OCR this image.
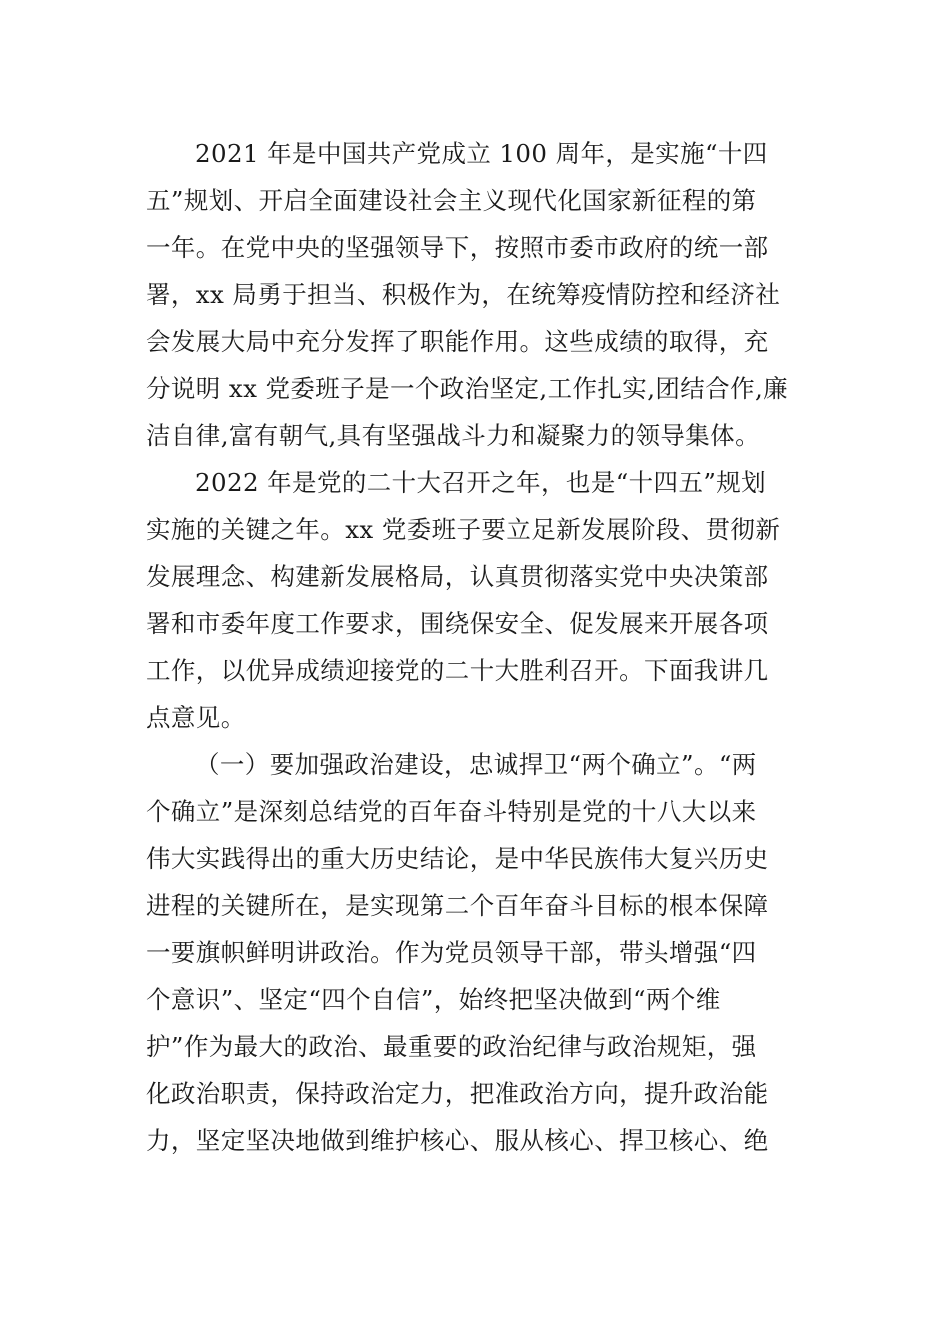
2021 年是中国共产党成立 100 周年，是实施“十四
五”规划、开启全面建设社会主义现代化国家新征程的第
一年。在党中央的坚强领导下，按照市委市政府的统一部
署，xx 局勇于担当、积极作为，在统筹疫情防控和经济社
会发展大局中充分发挥了职能作用。这些成绩的取得，充
分说明 xx 党委班子是一个政治坚定,工作扎实,团结合作,廉
洁自律,富有朝气,具有坚强战斗力和凝聚力的领导集体。

2022 年是党的二十大召开之年，也是“十四五”规划
实施的关键之年。xx 党委班子要立足新发展阶段、贯彻新
发展理念、构建新发展格局，认真贯彻落实党中央决策部
署和市委年度工作要求，围绕保安全、促发展来开展各项
工作，以优异成绩迎接党的二十大胜利召开。下面我讲几
点意见。

（一）要加强政治建设，忠诚捍卫“两个确立”。“两
个确立”是深刻总结党的百年奋斗特别是党的十八大以来
伟大实践得出的重大历史结论，是中华民族伟大复兴历史
进程的关键所在，是实现第二个百年奋斗目标的根本保障
一要旗帜鲜明讲政治。作为党员领导干部，带头增强“四
个意识”、坚定“四个自信”，始终把坚决做到“两个维
护”作为最大的政治、最重要的政治纪律与政治规矩，强
化政治职责，保持政治定力，把准政治方向，提升政治能
力，坚定坚决地做到维护核心、服从核心、捍卫核心、绝
